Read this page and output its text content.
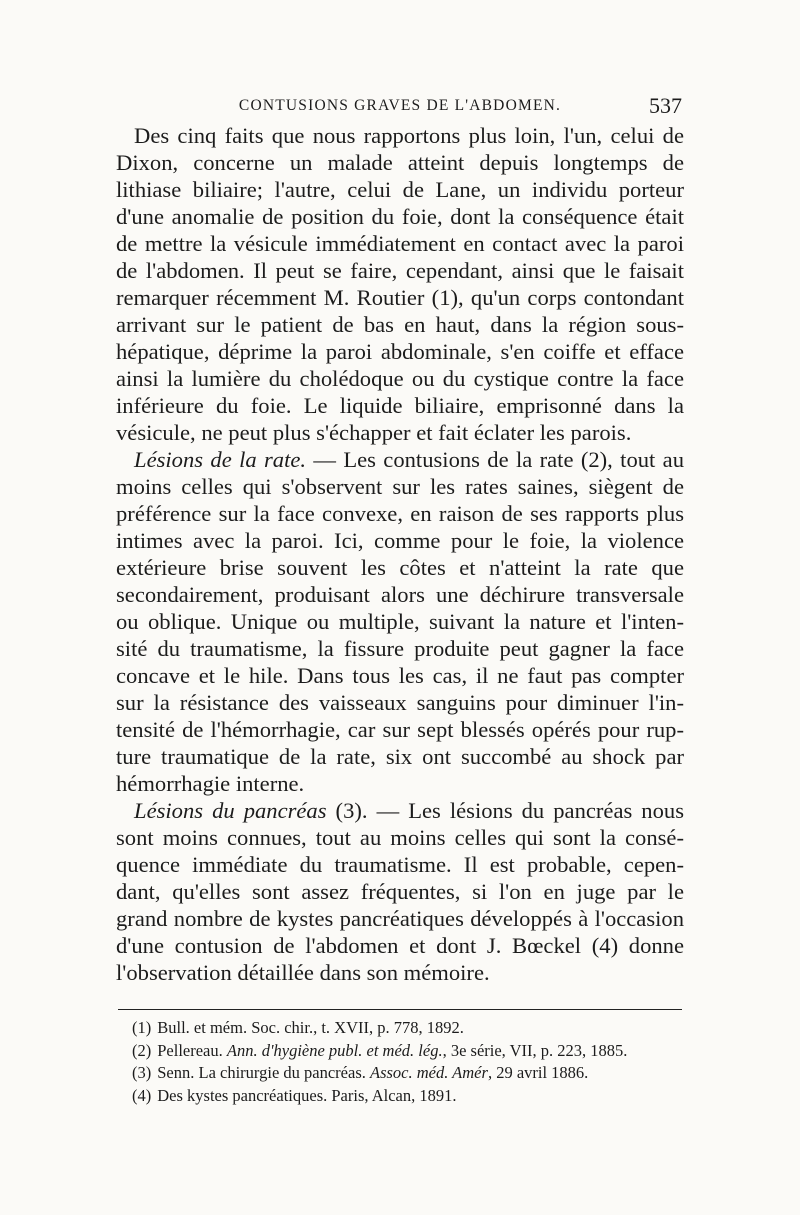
CONTUSIONS GRAVES DE L'ABDOMEN.	537
Des cinq faits que nous rapportons plus loin, l'un, celui de
Dixon, concerne un malade atteint depuis longtemps de
lithiase biliaire; l'autre, celui de Lane, un individu porteur
d'une anomalie de position du foie, dont la conséquence était
de mettre la vésicule immédiatement en contact avec la paroi
de l'abdomen. Il peut se faire, cependant, ainsi que le faisait
remarquer récemment M. Routier (1), qu'un corps contondant
arrivant sur le patient de bas en haut, dans la région sous-
hépatique, déprime la paroi abdominale, s'en coiffe et efface
ainsi la lumière du cholédoque ou du cystique contre la face
inférieure du foie. Le liquide biliaire, emprisonné dans la
vésicule, ne peut plus s'échapper et fait éclater les parois.
Lésions de la rate. — Les contusions de la rate (2), tout au
moins celles qui s'observent sur les rates saines, siègent de
préférence sur la face convexe, en raison de ses rapports plus
intimes avec la paroi. Ici, comme pour le foie, la violence
extérieure brise souvent les côtes et n'atteint la rate que
secondairement, produisant alors une déchirure transversale
ou oblique. Unique ou multiple, suivant la nature et l'inten-
sité du traumatisme, la fissure produite peut gagner la face
concave et le hile. Dans tous les cas, il ne faut pas compter
sur la résistance des vaisseaux sanguins pour diminuer l'in-
tensité de l'hémorrhagie, car sur sept blessés opérés pour rup-
ture traumatique de la rate, six ont succombé au shock par
hémorrhagie interne.
Lésions du pancréas (3). — Les lésions du pancréas nous
sont moins connues, tout au moins celles qui sont la consé-
quence immédiate du traumatisme. Il est probable, cepen-
dant, qu'elles sont assez fréquentes, si l'on en juge par le
grand nombre de kystes pancréatiques développés à l'occasion
d'une contusion de l'abdomen et dont J. Bœckel (4) donne
l'observation détaillée dans son mémoire.
(1) Bull. et mém. Soc. chir., t. XVII, p. 778, 1892.
(2) Pellereau. Ann. d'hygiène publ. et méd. lég., 3e série, VII, p. 223, 1885.
(3) Senn. La chirurgie du pancréas. Assoc. méd. Amér, 29 avril 1886.
(4) Des kystes pancréatiques. Paris, Alcan, 1891.
